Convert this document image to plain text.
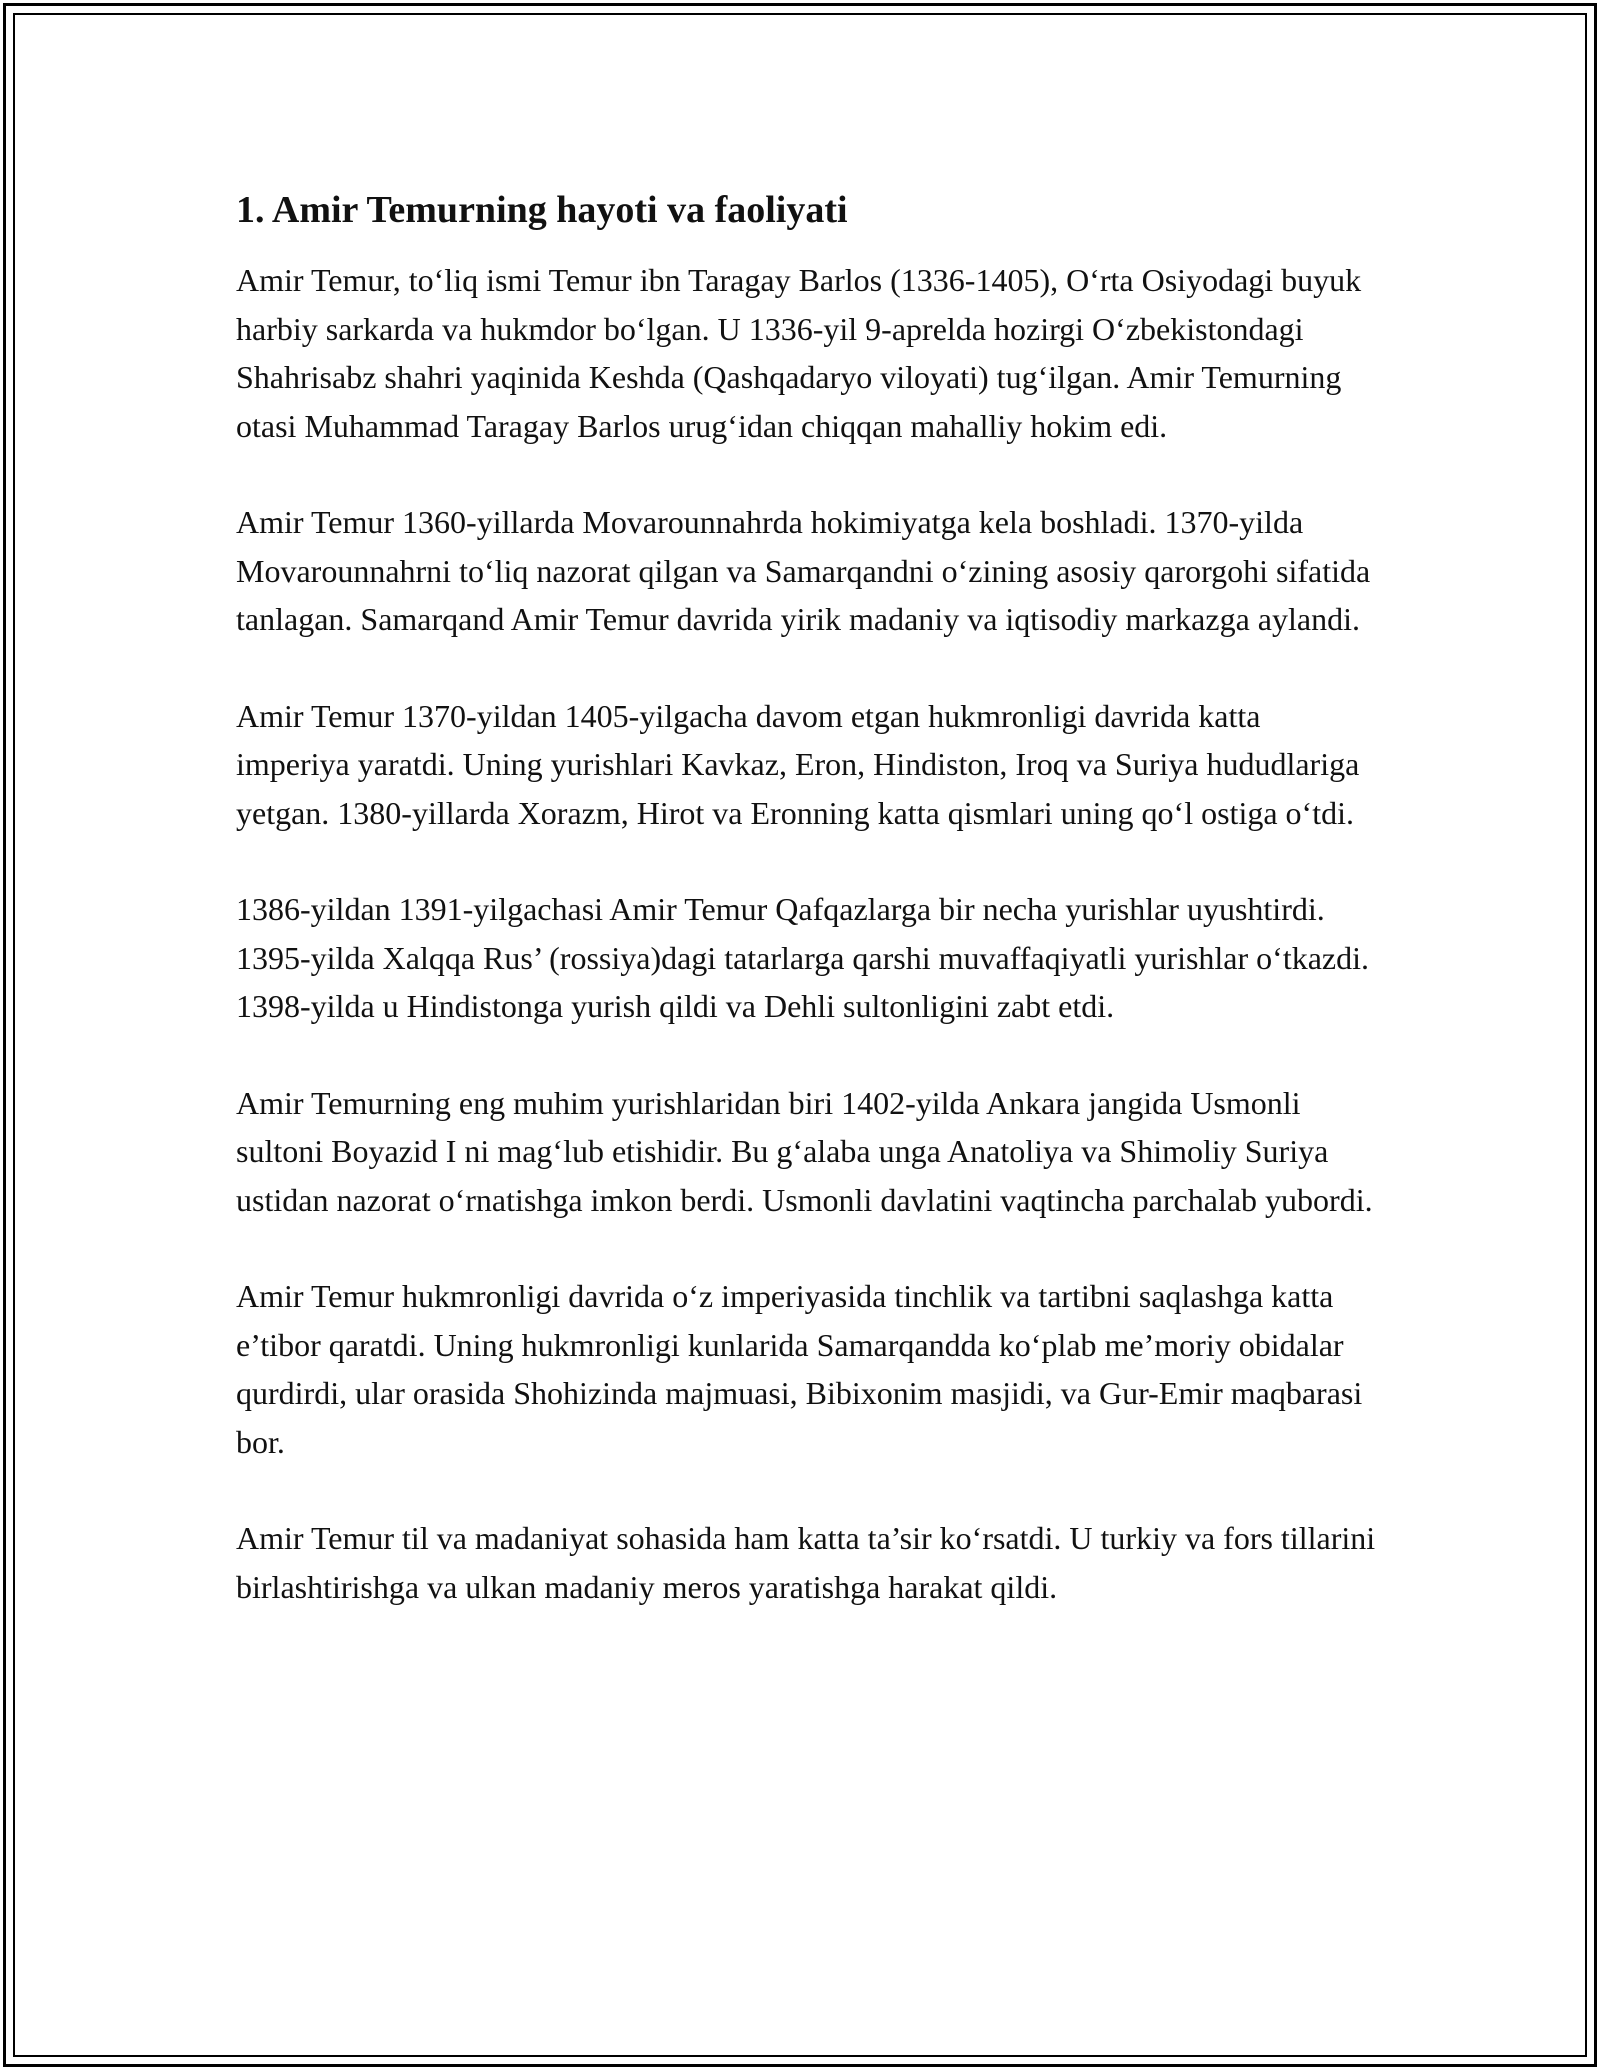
1. Amir Temurning hayoti va faoliyati

Amir Temur, to‘liq ismi Temur ibn Taragay Barlos (1336-1405), O‘rta Osiyodagi buyuk harbiy sarkarda va hukmdor bo‘lgan. U 1336-yil 9-aprelda hozirgi O‘zbekistondagi Shahrisabz shahri yaqinida Keshda (Qashqadaryo viloyati) tug‘ilgan. Amir Temurning otasi Muhammad Taragay Barlos urug‘idan chiqqan mahalliy hokim edi.

Amir Temur 1360-yillarda Movarounnahrda hokimiyatga kela boshladi. 1370-yilda Movarounnahrni to‘liq nazorat qilgan va Samarqandni o‘zining asosiy qarorgohi sifatida tanlagan. Samarqand Amir Temur davrida yirik madaniy va iqtisodiy markazga aylandi.

Amir Temur 1370-yildan 1405-yilgacha davom etgan hukmronligi davrida katta imperiya yaratdi. Uning yurishlari Kavkaz, Eron, Hindiston, Iroq va Suriya hududlariga yetgan. 1380-yillarda Xorazm, Hirot va Eronning katta qismlari uning qo‘l ostiga o‘tdi.

1386-yildan 1391-yilgachasi Amir Temur Qafqazlarga bir necha yurishlar uyushtirdi. 1395-yilda Xalqqa Rus’ (rossiya)dagi tatarlarga qarshi muvaffaqiyatli yurishlar o‘tkazdi. 1398-yilda u Hindistonga yurish qildi va Dehli sultonligini zabt etdi.

Amir Temurning eng muhim yurishlaridan biri 1402-yilda Ankara jangida Usmonli sultoni Boyazid I ni mag‘lub etishidir. Bu g‘alaba unga Anatoliya va Shimoliy Suriya ustidan nazorat o‘rnatishga imkon berdi. Usmonli davlatini vaqtincha parchalab yubordi.

Amir Temur hukmronligi davrida o‘z imperiyasida tinchlik va tartibni saqlashga katta e’tibor qaratdi. Uning hukmronligi kunlarida Samarqandda ko‘plab me’moriy obidalar qurdirdi, ular orasida Shohizinda majmuasi, Bibixonim masjidi, va Gur-Emir maqbarasi bor.

Amir Temur til va madaniyat sohasida ham katta ta’sir ko‘rsatdi. U turkiy va fors tillarini birlashtirishga va ulkan madaniy meros yaratishga harakat qildi.
